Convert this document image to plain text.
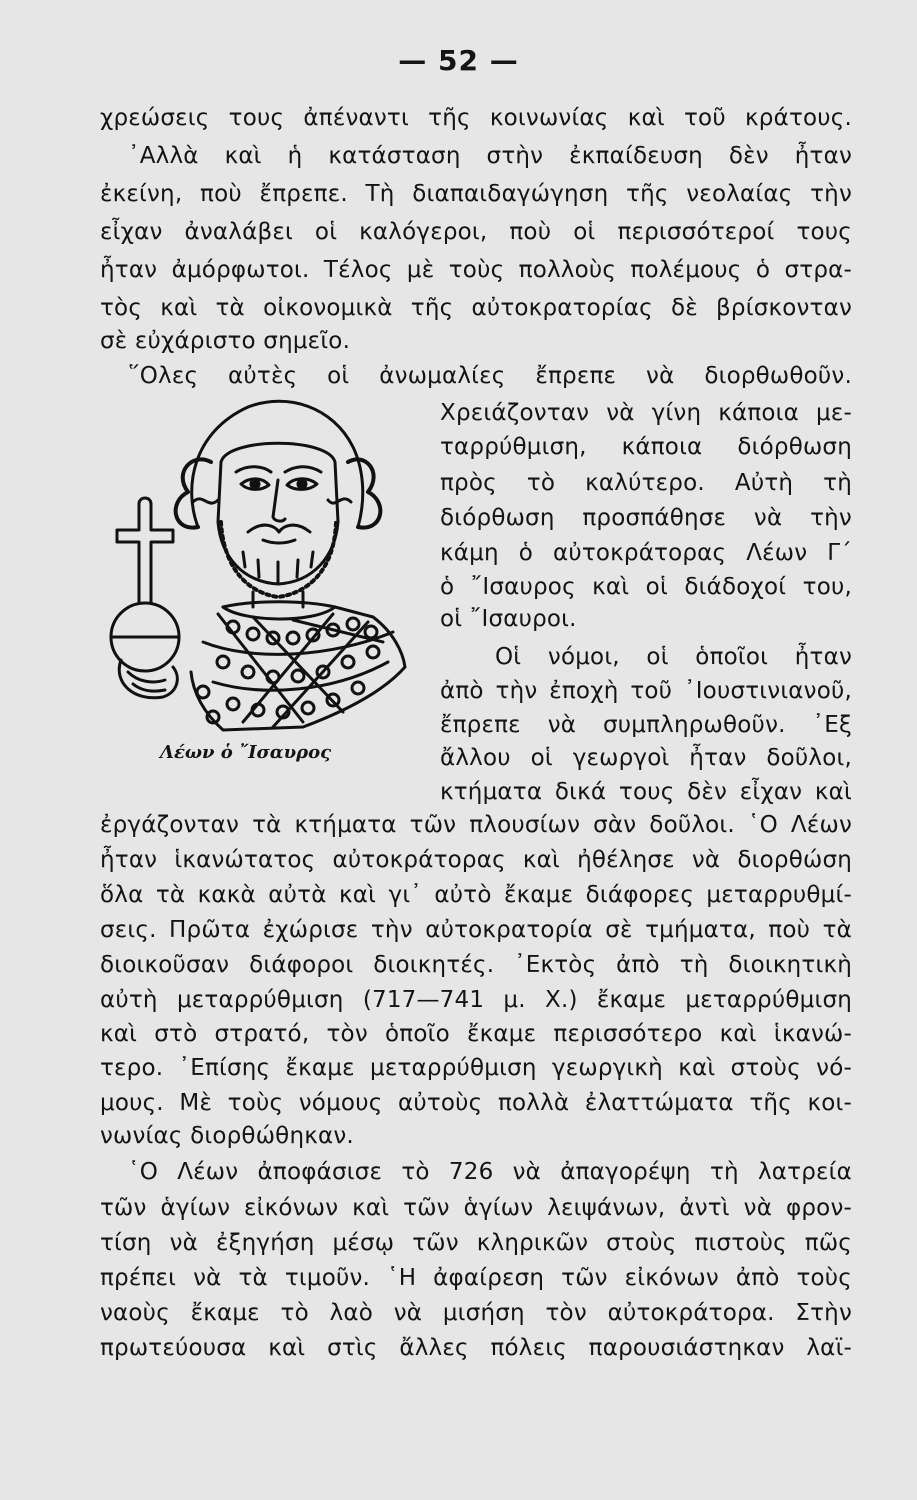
— 52 —
χρεώσεις τους ἀπέναντι τῆς κοινωνίας καὶ τοῦ κράτους.
᾿Αλλὰ καὶ ἡ κατάσταση στὴν ἐκπαίδευση δὲν ἦταν
ἐκείνη, ποὺ ἔπρεπε. Τὴ διαπαιδαγώγηση τῆς νεολαίας τὴν
εἶχαν ἀναλάβει οἱ καλόγεροι, ποὺ οἱ περισσότεροί τους
ἦταν ἀμόρφωτοι. Τέλος μὲ τοὺς πολλοὺς πολέμους ὁ στρα-
τὸς καὶ τὰ οἰκονομικὰ τῆς αὐτοκρατορίας δὲ βρίσκονταν
σὲ εὐχάριστο σημεῖο.
῞Ολες αὐτὲς οἱ ἀνωμαλίες ἔπρεπε νὰ διορθωθοῦν.
Χρειάζονταν νὰ γίνη κάποια με-
ταρρύθμιση, κάποια διόρθωση
πρὸς τὸ καλύτερο. Αὐτὴ τὴ
διόρθωση προσπάθησε νὰ τὴν
κάμη ὁ αὐτοκράτορας Λέων Γ΄
ὁ ῎Ισαυρος καὶ οἱ διάδοχοί του,
οἱ ῎Ισαυροι.
Οἱ νόμοι, οἱ ὁποῖοι ἦταν
ἀπὸ τὴν ἐποχὴ τοῦ ᾿Ιουστινιανοῦ,
ἔπρεπε νὰ συμπληρωθοῦν. ᾿Εξ
ἄλλου οἱ γεωργοὶ ἦταν δοῦλοι,
κτήματα δικά τους δὲν εἶχαν καὶ
ἐργάζονταν τὰ κτήματα τῶν πλουσίων σὰν δοῦλοι. ῾Ο Λέων
ἦταν ἱκανώτατος αὐτοκράτορας καὶ ἠθέλησε νὰ διορθώση
ὅλα τὰ κακὰ αὐτὰ καὶ γι᾿ αὐτὸ ἔκαμε διάφορες μεταρρυθμί-
σεις. Πρῶτα ἐχώρισε τὴν αὐτοκρατορία σὲ τμήματα, ποὺ τὰ
διοικοῦσαν διάφοροι διοικητές. ᾿Εκτὸς ἀπὸ τὴ διοικητικὴ
αὐτὴ μεταρρύθμιση (717—741 μ. Χ.) ἔκαμε μεταρρύθμιση
καὶ στὸ στρατό, τὸν ὁποῖο ἔκαμε περισσότερο καὶ ἱκανώ-
τερο. ᾿Επίσης ἔκαμε μεταρρύθμιση γεωργικὴ καὶ στοὺς νό-
μους. Μὲ τοὺς νόμους αὐτοὺς πολλὰ ἐλαττώματα τῆς κοι-
νωνίας διορθώθηκαν.
῾Ο Λέων ἀποφάσισε τὸ 726 νὰ ἀπαγορέψη τὴ λατρεία
τῶν ἁγίων εἰκόνων καὶ τῶν ἁγίων λειψάνων, ἀντὶ νὰ φρον-
τίση νὰ ἐξηγήση μέσῳ τῶν κληρικῶν στοὺς πιστοὺς πῶς
πρέπει νὰ τὰ τιμοῦν. ῾Η ἀφαίρεση τῶν εἰκόνων ἀπὸ τοὺς
ναοὺς ἔκαμε τὸ λαὸ νὰ μισήση τὸν αὐτοκράτορα. Στὴν
πρωτεύουσα καὶ στὶς ἄλλες πόλεις παρουσιάστηκαν λαϊ-
Λέων ὁ ῎Ισαυρος
